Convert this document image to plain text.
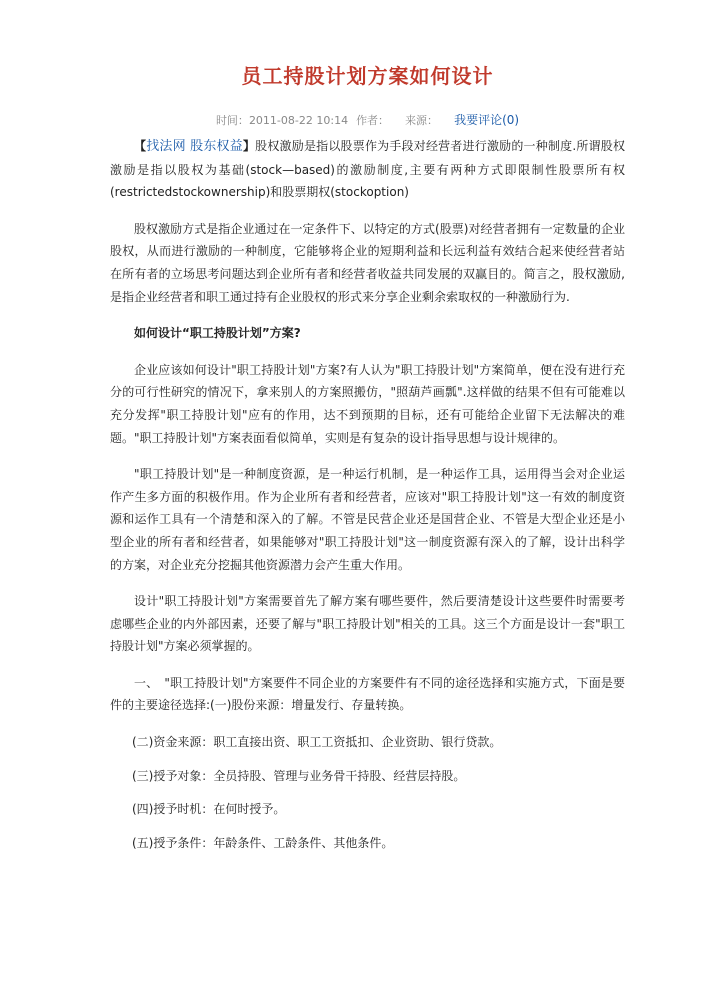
员工持股计划方案如何设计
时间：2011-08-22 10:14 作者： 来源： 我要评论(0)

【找法网 股东权益】股权激励是指以股票作为手段对经营者进行激励的一种制度.所谓股权激励是指以股权为基础(stock—based)的激励制度,主要有两种方式即限制性股票所有权(restrictedstockownership)和股票期权(stockoption)

股权激励方式是指企业通过在一定条件下、以特定的方式(股票)对经营者拥有一定数量的企业股权，从而进行激励的一种制度，它能够将企业的短期利益和长远利益有效结合起来使经营者站在所有者的立场思考问题达到企业所有者和经营者收益共同发展的双赢目的。简言之，股权激励,是指企业经营者和职工通过持有企业股权的形式来分享企业剩余索取权的一种激励行为.

如何设计“职工持股计划”方案?

企业应该如何设计"职工持股计划"方案?有人认为"职工持股计划"方案简单，便在没有进行充分的可行性研究的情况下，拿来别人的方案照搬仿，"照葫芦画瓢".这样做的结果不但有可能难以充分发挥"职工持股计划"应有的作用，达不到预期的目标，还有可能给企业留下无法解决的难题。"职工持股计划"方案表面看似简单，实则是有复杂的设计指导思想与设计规律的。

"职工持股计划"是一种制度资源，是一种运行机制，是一种运作工具，运用得当会对企业运作产生多方面的积极作用。作为企业所有者和经营者，应该对"职工持股计划"这一有效的制度资源和运作工具有一个清楚和深入的了解。不管是民营企业还是国营企业、不管是大型企业还是小型企业的所有者和经营者，如果能够对"职工持股计划"这一制度资源有深入的了解，设计出科学的方案，对企业充分挖掘其他资源潜力会产生重大作用。

设计"职工持股计划"方案需要首先了解方案有哪些要件，然后要清楚设计这些要件时需要考虑哪些企业的内外部因素，还要了解与"职工持股计划"相关的工具。这三个方面是设计一套"职工持股计划"方案必须掌握的。

一、　"职工持股计划"方案要件不同企业的方案要件有不同的途径选择和实施方式，下面是要件的主要途径选择:(一)股份来源：增量发行、存量转换。

(二)资金来源：职工直接出资、职工工资抵扣、企业资助、银行贷款。

(三)授予对象：全员持股、管理与业务骨干持股、经营层持股。

(四)授予时机：在何时授予。

(五)授予条件：年龄条件、工龄条件、其他条件。
